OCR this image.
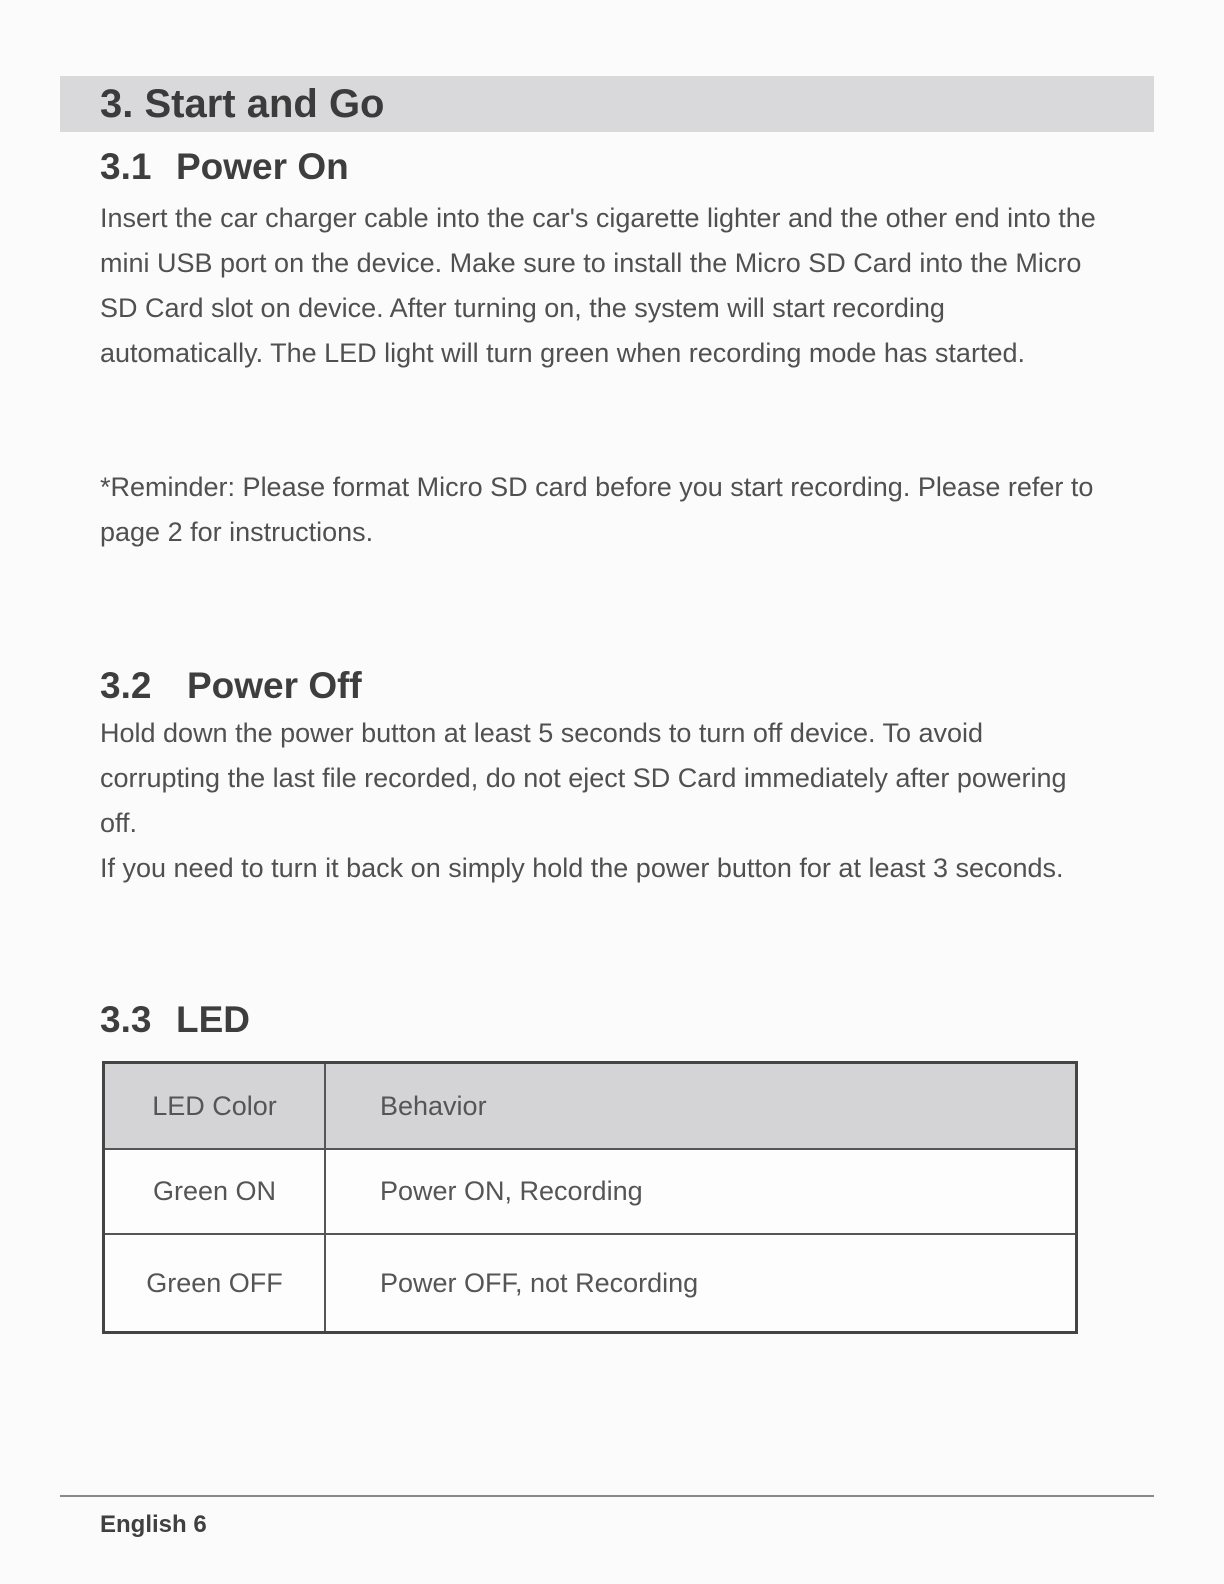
3. Start and Go
3.1 Power On

Insert the car charger cable into the car's cigarette lighter and the other end into the mini USB port on the device. Make sure to install the Micro SD Card into the Micro SD Card slot on device. After turning on, the system will start recording automatically. The LED light will turn green when recording mode has started.

*Reminder: Please format Micro SD card before you start recording. Please refer to page 2 for instructions.

3.2 Power Off

Hold down the power button at least 5 seconds to turn off device. To avoid corrupting the last file recorded, do not eject SD Card immediately after powering off.

If you need to turn it back on simply hold the power button for at least 3 seconds.

3.3 LED
LED Color	Behavior
Green ON	Power ON, Recording
Green OFF	Power OFF, not Recording
English 6
